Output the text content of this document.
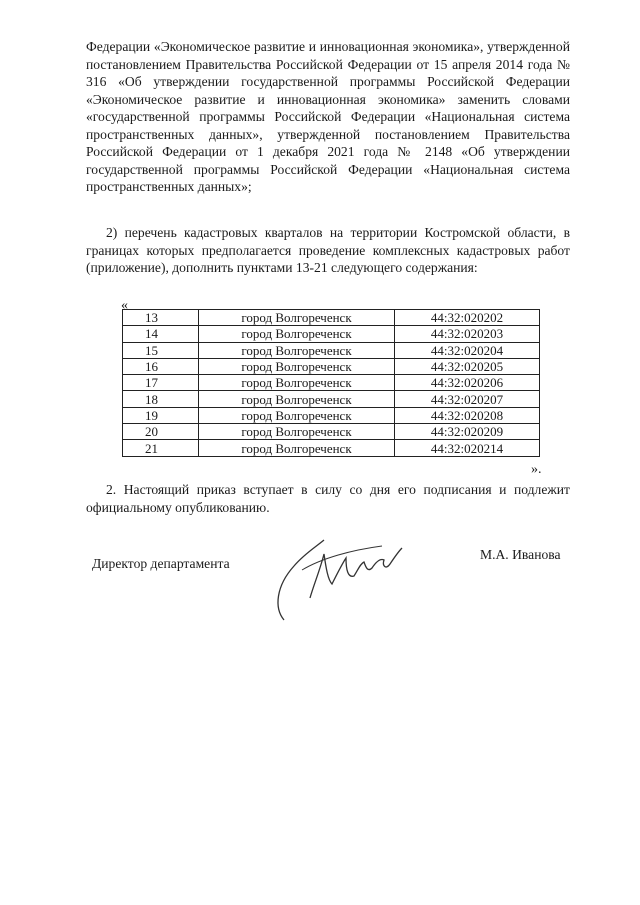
Федерации «Экономическое развитие и инновационная экономика», утвержденной постановлением Правительства Российской Федерации от 15 апреля 2014 года № 316 «Об утверждении государственной программы Российской Федерации «Экономическое развитие и инновационная экономика» заменить словами «государственной программы Российской Федерации «Национальная система пространственных данных», утвержденной постановлением Правительства Российской Федерации от 1 декабря 2021 года № 2148 «Об утверждении государственной программы Российской Федерации «Национальная система пространственных данных»;

2) перечень кадастровых кварталов на территории Костромской области, в границах которых предполагается проведение комплексных кадастровых работ (приложение), дополнить пунктами 13-21 следующего содержания:

«
13	город Волгореченск	44:32:020202
14	город Волгореченск	44:32:020203
15	город Волгореченск	44:32:020204
16	город Волгореченск	44:32:020205
17	город Волгореченск	44:32:020206
18	город Волгореченск	44:32:020207
19	город Волгореченск	44:32:020208
20	город Волгореченск	44:32:020209
21	город Волгореченск	44:32:020214
».

2. Настоящий приказ вступает в силу со дня его подписания и подлежит официальному опубликованию.

Директор департамента
М.А. Иванова
